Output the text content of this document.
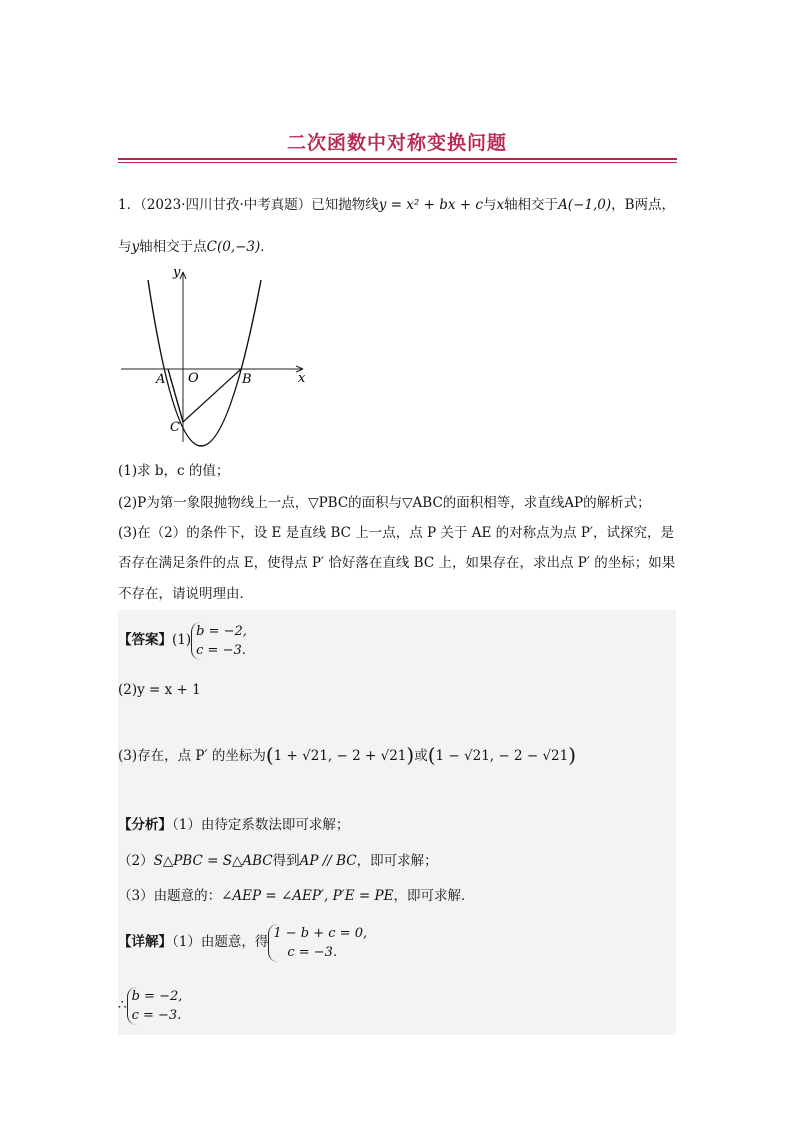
二次函数中对称变换问题
1．（2023·四川甘孜·中考真题）已知抛物线y = x² + bx + c与x轴相交于A(−1,0)，B两点，
与y轴相交于点C(0,−3)．
y
x
A O	B
C
(1)求 b，c 的值；
(2)P为第一象限抛物线上一点，▽PBC的面积与▽ABC的面积相等，求直线AP的解析式；
(3)在（2）的条件下，设 E 是直线 BC 上一点，点 P 关于 AE 的对称点为点 P′，试探究，是
否存在满足条件的点 E，使得点 P′ 恰好落在直线 BC 上，如果存在，求出点 P′ 的坐标；如果
不存在，请说明理由．
【答案】(1)b = −2,
c = −3.
(2)y = x + 1
(3)存在，点 P′ 的坐标为(1 + √21, − 2 + √21)或(1 − √21, − 2 − √21)
【分析】（1）由待定系数法即可求解；
（2）S△PBC = S△ABC得到AP // BC，即可求解；
（3）由题意的：∠AEP = ∠AEP′, P′E = PE，即可求解．
【详解】（1）由题意，得1 − b + c = 0,
c = −3.
∴b = −2,
c = −3.
